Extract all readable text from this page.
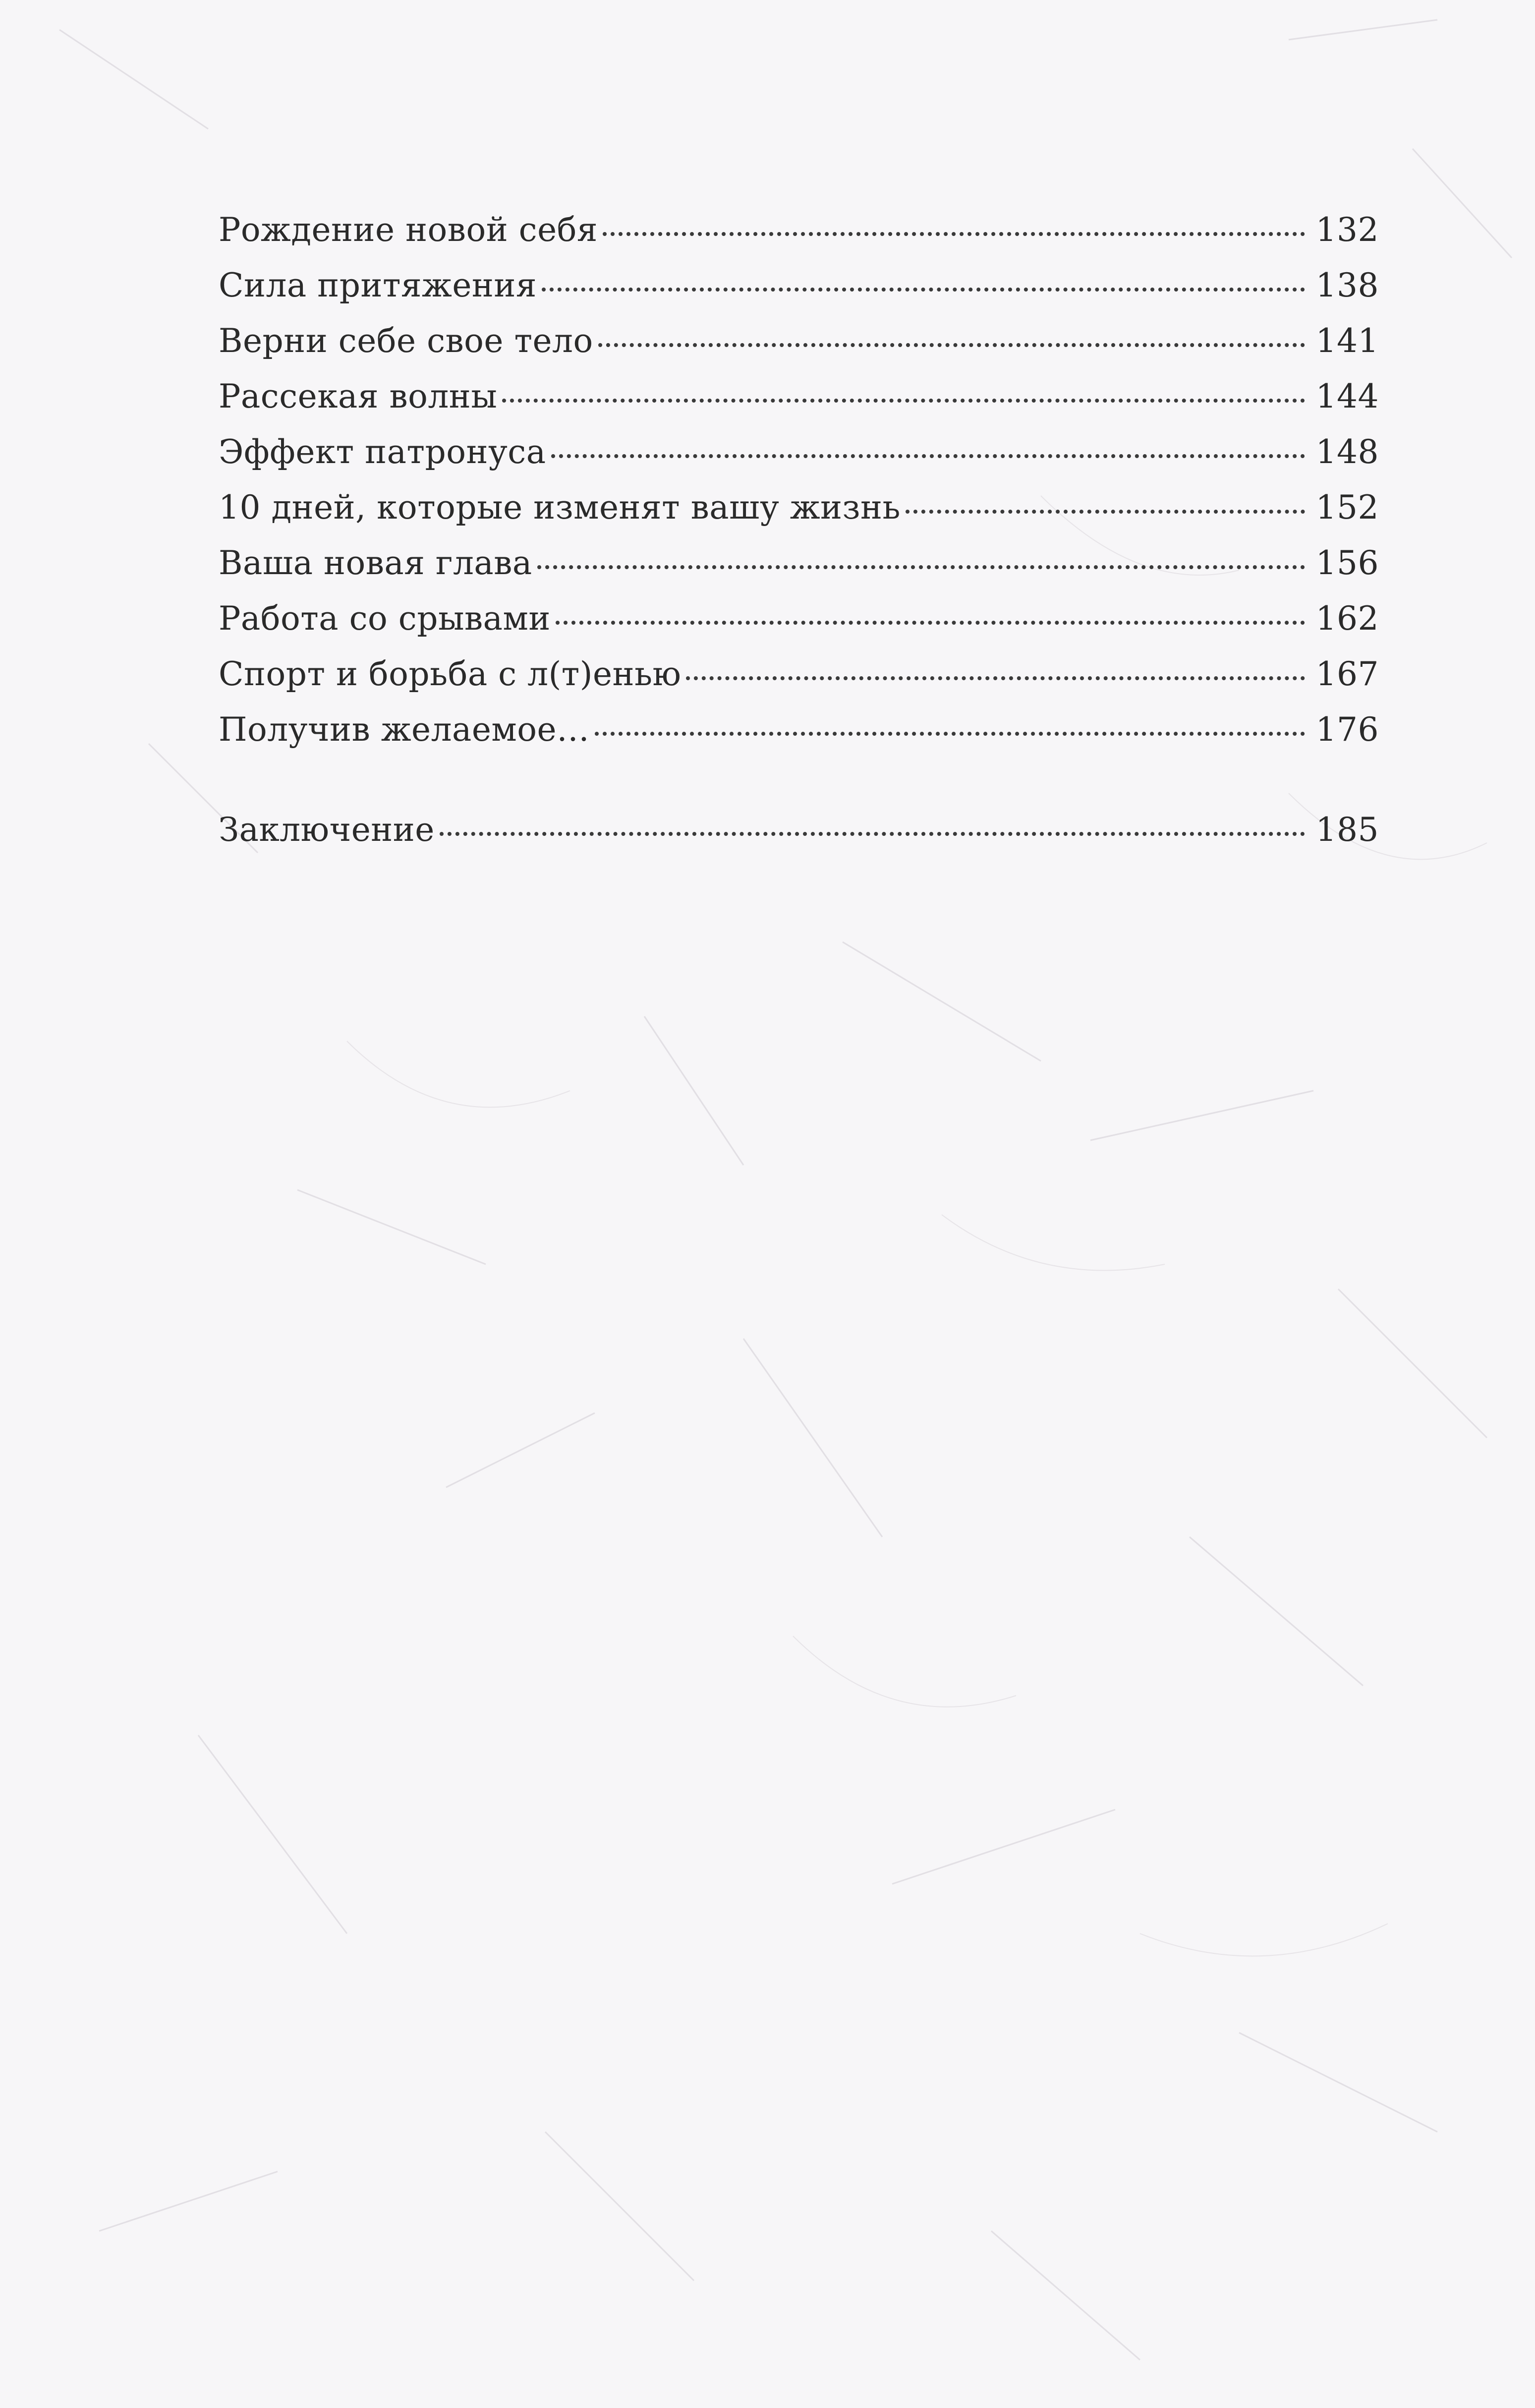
Рождение новой себя	132
Сила притяжения	138
Верни себе свое тело	141
Рассекая волны	144
Эффект патронуса	148
10 дней, которые изменят вашу жизнь	152
Ваша новая глава	156
Работа со срывами	162
Спорт и борьба с л(т)енью	167
Получив желаемое…	176
Заключение	185
